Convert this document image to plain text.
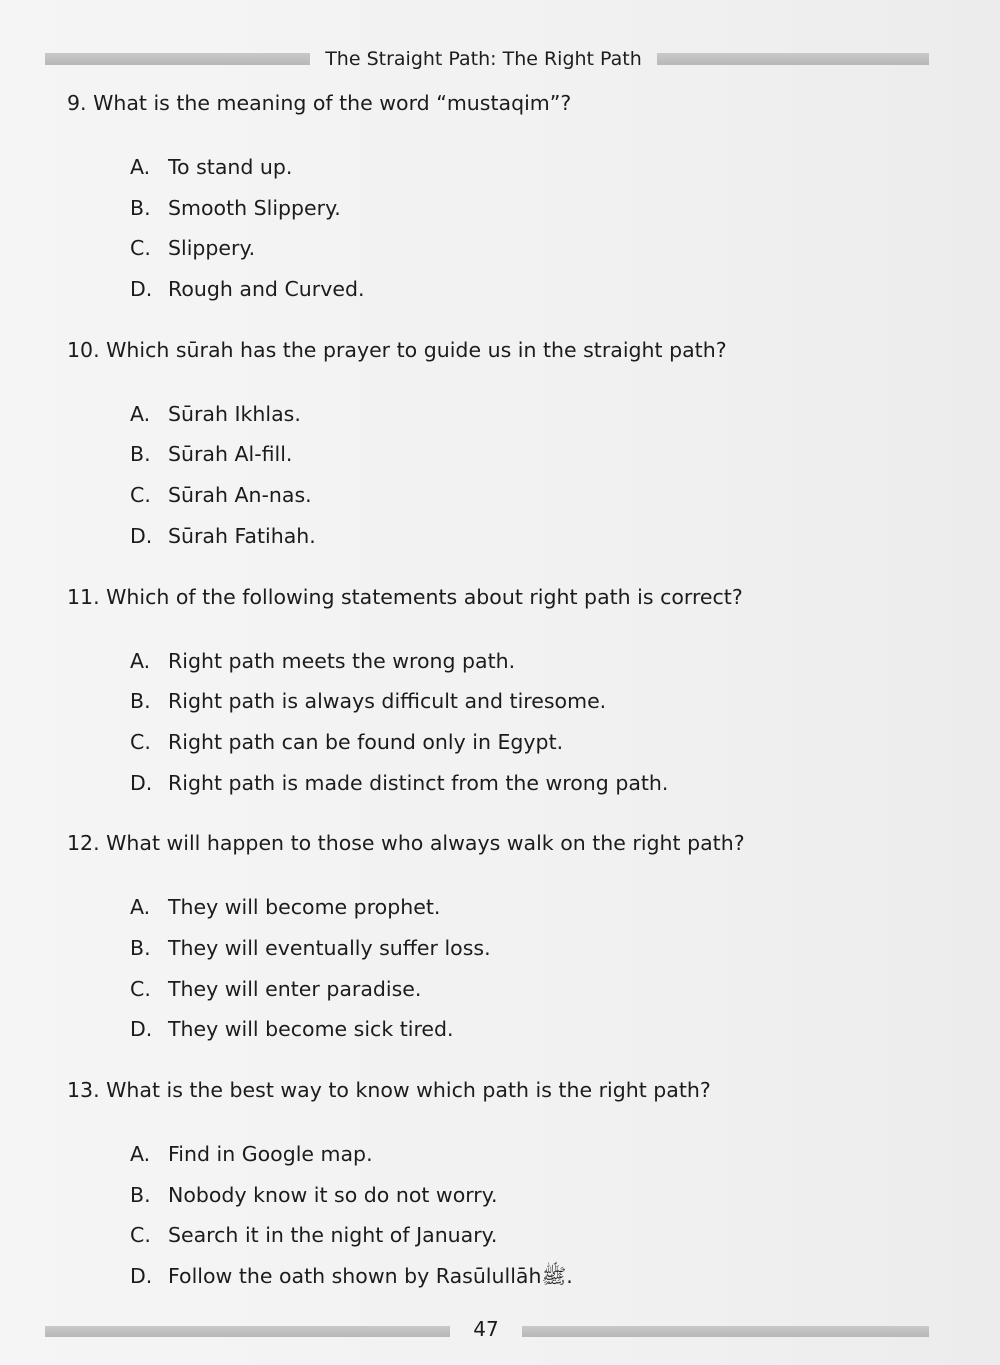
The Straight Path: The Right Path

9. What is the meaning of the word “mustaqim”?

A. To stand up.
B. Smooth Slippery.
C. Slippery.
D. Rough and Curved.

10. Which sūrah has the prayer to guide us in the straight path?

A. Sūrah Ikhlas.
B. Sūrah Al-fill.
C. Sūrah An-nas.
D. Sūrah Fatihah.

11. Which of the following statements about right path is correct?

A. Right path meets the wrong path.
B. Right path is always difficult and tiresome.
C. Right path can be found only in Egypt.
D. Right path is made distinct from the wrong path.

12. What will happen to those who always walk on the right path?

A. They will become prophet.
B. They will eventually suffer loss.
C. They will enter paradise.
D. They will become sick tired.

13. What is the best way to know which path is the right path?

A. Find in Google map.
B. Nobody know it so do not worry.
C. Search it in the night of January.
D. Follow the oath shown by Rasūlullāhﷺ.
47
